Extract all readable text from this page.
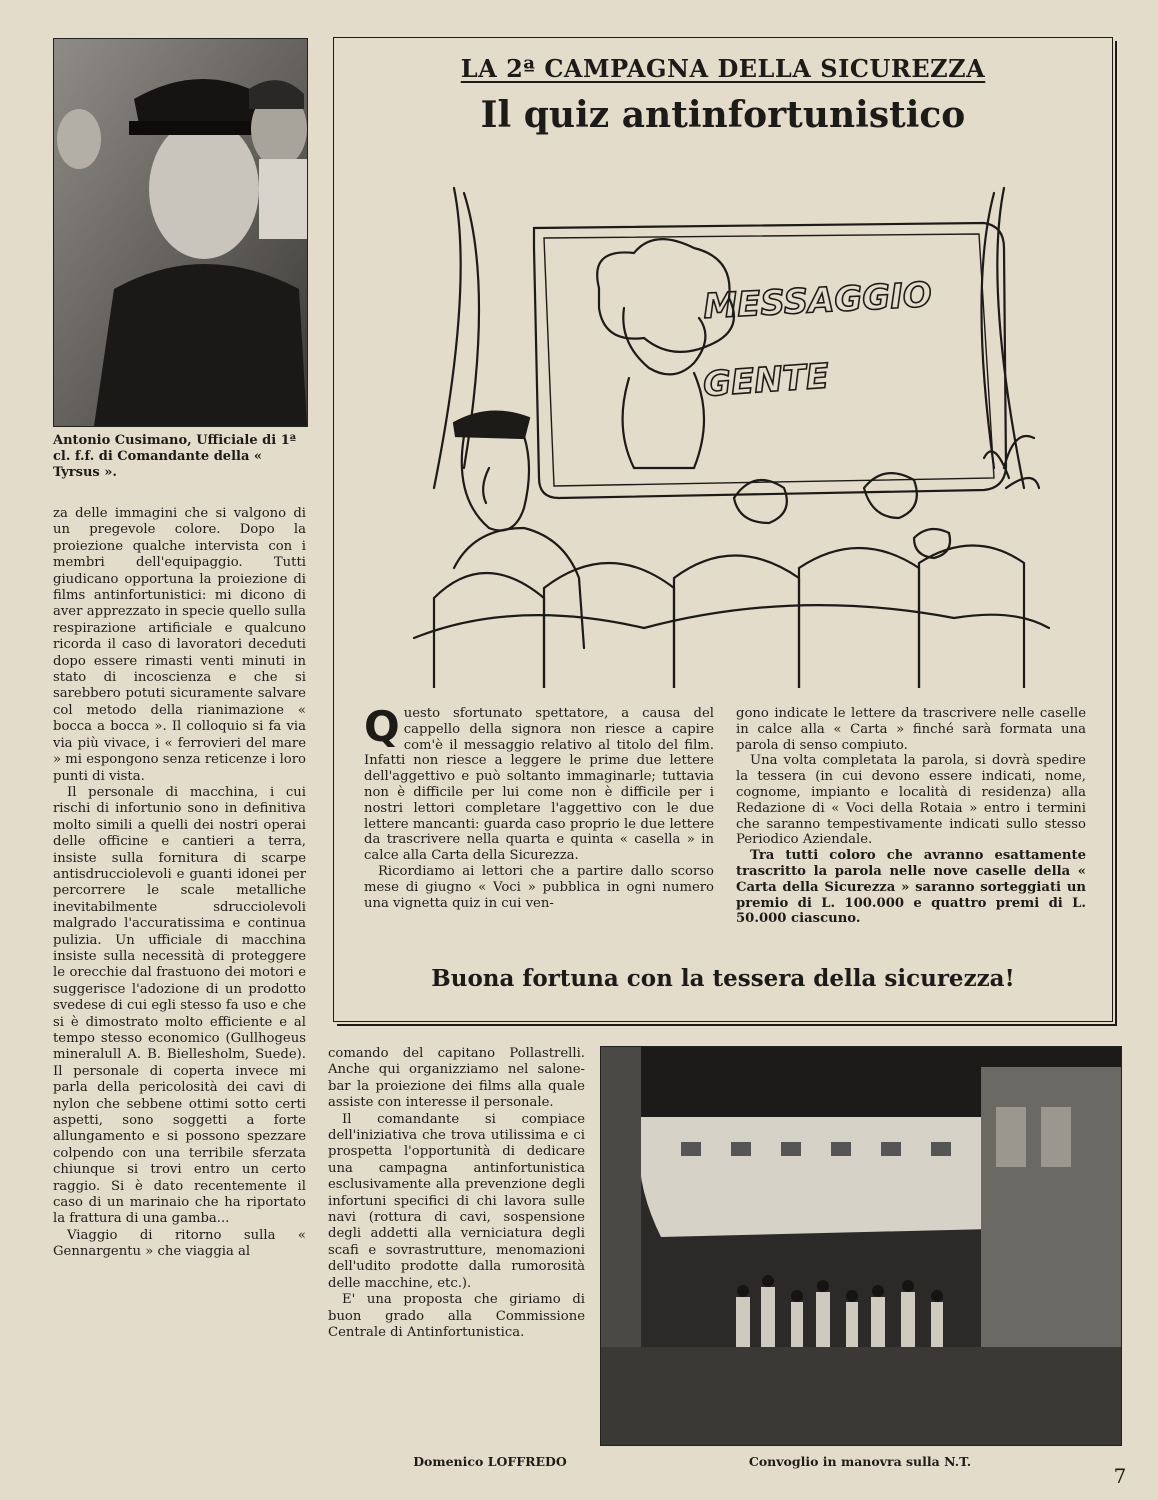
Antonio Cusimano, Ufficiale di 1ª cl. f.f. di Comandante della « Tyrsus ».

za delle immagini che si valgono di un pregevole colore. Dopo la proiezione qualche intervista con i membri dell'equipaggio. Tutti giudicano opportuna la proiezione di films antinfortunistici: mi dicono di aver apprezzato in specie quello sulla respirazione artificiale e qualcuno ricorda il caso di lavoratori deceduti dopo essere rimasti venti minuti in stato di incoscienza e che si sarebbero potuti sicuramente salvare col metodo della rianimazione « bocca a bocca ». Il colloquio si fa via via più vivace, i « ferrovieri del mare » mi espongono senza reticenze i loro punti di vista.

Il personale di macchina, i cui rischi di infortunio sono in definitiva molto simili a quelli dei nostri operai delle officine e cantieri a terra, insiste sulla fornitura di scarpe antisdrucciolevoli e guanti idonei per percorrere le scale metalliche inevitabilmente sdrucciolevoli malgrado l'accuratissima e continua pulizia. Un ufficiale di macchina insiste sulla necessità di proteggere le orecchie dal frastuono dei motori e suggerisce l'adozione di un prodotto svedese di cui egli stesso fa uso e che si è dimostrato molto efficiente e al tempo stesso economico (Gullhogeus mineralull A. B. Biellesholm, Suede). Il personale di coperta invece mi parla della pericolosità dei cavi di nylon che sebbene ottimi sotto certi aspetti, sono soggetti a forte allungamento e si possono spezzare colpendo con una terribile sferzata chiunque si trovi entro un certo raggio. Si è dato recentemente il caso di un marinaio che ha riportato la frattura di una gamba...

Viaggio di ritorno sulla « Gennargentu » che viaggia al

LA 2ª CAMPAGNA DELLA SICUREZZA
Il quiz antinfortunistico
MESSAGGIO
GENTE
Q uesto sfortunato spettatore, a causa del cappello della signora non riesce a capire com'è il messaggio relativo al titolo del film. Infatti non riesce a leggere le prime due lettere dell'aggettivo e può soltanto immaginarle; tuttavia non è difficile per lui come non è difficile per i nostri lettori completare l'aggettivo con le due lettere mancanti: guarda caso proprio le due lettere da trascrivere nella quarta e quinta « casella » in calce alla Carta della Sicurezza.

Ricordiamo ai lettori che a partire dallo scorso mese di giugno « Voci » pubblica in ogni numero una vignetta quiz in cui ven-

gono indicate le lettere da trascrivere nelle caselle in calce alla « Carta » finché sarà formata una parola di senso compiuto.

Una volta completata la parola, si dovrà spedire la tessera (in cui devono essere indicati, nome, cognome, impianto e località di residenza) alla Redazione di « Voci della Rotaia » entro i termini che saranno tempestivamente indicati sullo stesso Periodico Aziendale.

Tra tutti coloro che avranno esattamente trascritto la parola nelle nove caselle della « Carta della Sicurezza » saranno sorteggiati un premio di L. 100.000 e quattro premi di L. 50.000 ciascuno.

Buona fortuna con la tessera della sicurezza!

comando del capitano Pollastrelli. Anche qui organizziamo nel salone-bar la proiezione dei films alla quale assiste con interesse il personale.

Il comandante si compiace dell'iniziativa che trova utilissima e ci prospetta l'opportunità di dedicare una campagna antinfortunistica esclusivamente alla prevenzione degli infortuni specifici di chi lavora sulle navi (rottura di cavi, sospensione degli addetti alla verniciatura degli scafi e sovrastrutture, menomazioni dell'udito prodotte dalla rumorosità delle macchine, etc.).

E' una proposta che giriamo di buon grado alla Commissione Centrale di Antinfortunistica.

Domenico LOFFREDO	Convoglio in manovra sulla N.T.
7
